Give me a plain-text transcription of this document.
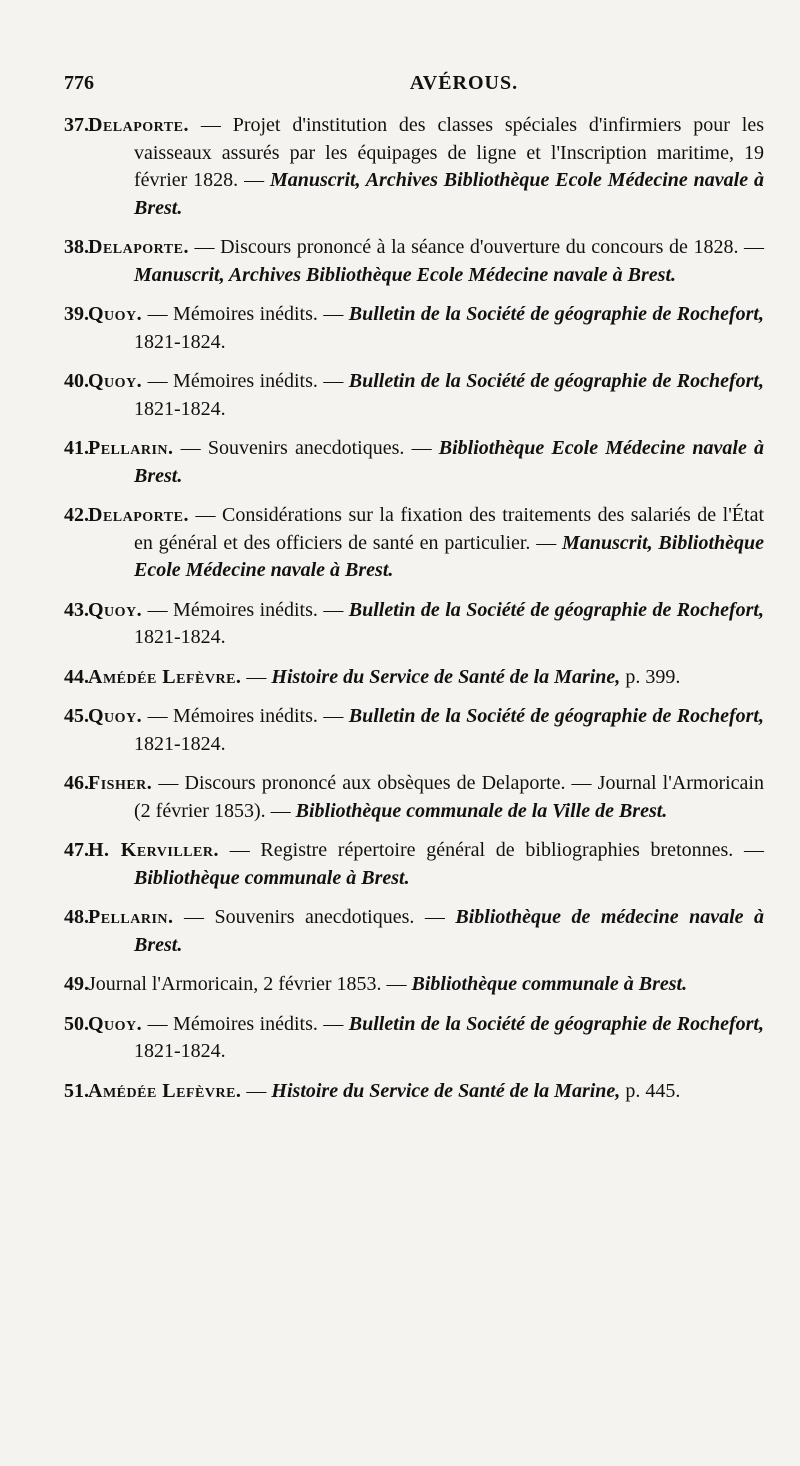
776	AVÉROUS.
37. Delaporte. — Projet d'institution des classes spéciales d'infirmiers pour les vaisseaux assurés par les équipages de ligne et l'Inscription maritime, 19 février 1828. — Manuscrit, Archives Bibliothèque Ecole Médecine navale à Brest.
38. Delaporte. — Discours prononcé à la séance d'ouverture du concours de 1828. — Manuscrit, Archives Bibliothèque Ecole Médecine navale à Brest.
39. Quoy. — Mémoires inédits. — Bulletin de la Société de géographie de Rochefort, 1821-1824.
40. Quoy. — Mémoires inédits. — Bulletin de la Société de géographie de Rochefort, 1821-1824.
41. Pellarin. — Souvenirs anecdotiques. — Bibliothèque Ecole Médecine navale à Brest.
42. Delaporte. — Considérations sur la fixation des traitements des salariés de l'État en général et des officiers de santé en particulier. — Manuscrit, Bibliothèque Ecole Médecine navale à Brest.
43. Quoy. — Mémoires inédits. — Bulletin de la Société de géographie de Rochefort, 1821-1824.
44. Amédée Lefèvre. — Histoire du Service de Santé de la Marine, p. 399.
45. Quoy. — Mémoires inédits. — Bulletin de la Société de géographie de Rochefort, 1821-1824.
46. Fisher. — Discours prononcé aux obsèques de Delaporte. — Journal l'Armoricain (2 février 1853). — Bibliothèque communale de la Ville de Brest.
47. H. Kerviller. — Registre répertoire général de bibliographies bretonnes. — Bibliothèque communale à Brest.
48. Pellarin. — Souvenirs anecdotiques. — Bibliothèque de médecine navale à Brest.
49. Journal l'Armoricain, 2 février 1853. — Bibliothèque communale à Brest.
50. Quoy. — Mémoires inédits. — Bulletin de la Société de géographie de Rochefort, 1821-1824.
51. Amédée Lefèvre. — Histoire du Service de Santé de la Marine, p. 445.
